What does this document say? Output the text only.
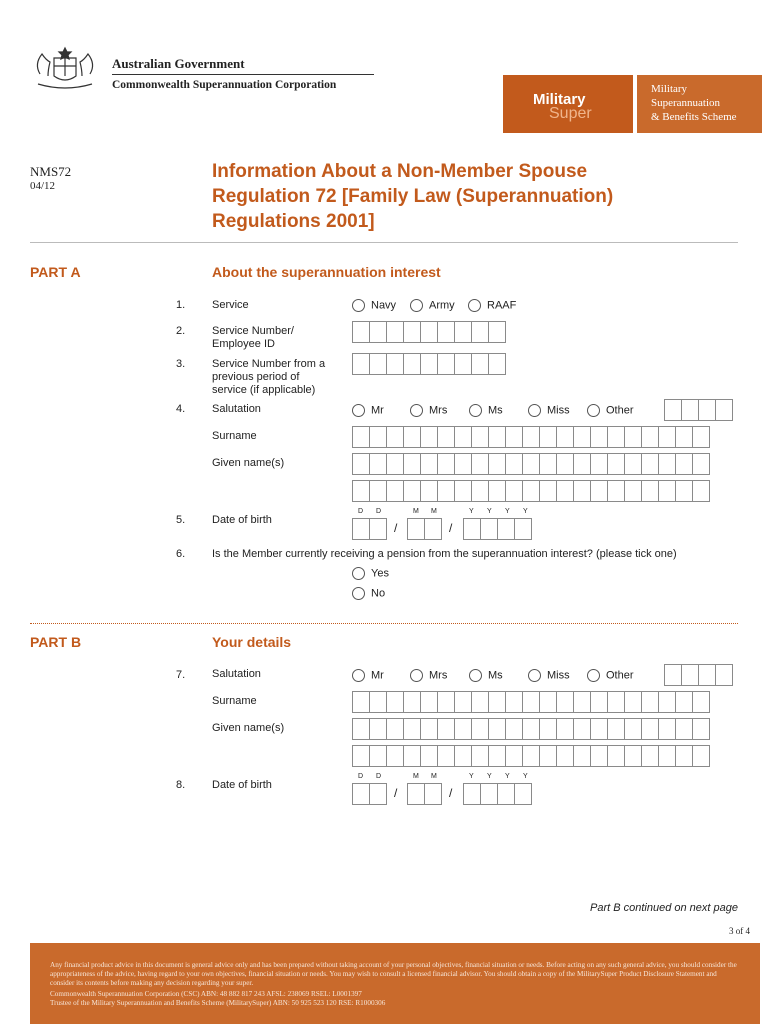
Australian Government
Commonwealth Superannuation Corporation
Military
Super
Military
Superannuation
& Benefits Scheme
NMS72
04/12
Information About a Non-Member Spouse
Regulation 72 [Family Law (Superannuation)
Regulations 2001]
PART A	About the superannuation interest
1. Service	Navy	Army	RAAF
2. Service Number/ Employee ID
3. Service Number from a previous period of service (if applicable)
4. Salutation	Mr	Mrs	Ms	Miss	Other
Surname
Given name(s)
5. Date of birth
D D	M M	Y Y Y Y
/	/
6. Is the Member currently receiving a pension from the superannuation interest? (please tick one)
Yes
No
PART B	Your details
7. Salutation	Mr	Mrs	Ms	Miss	Other
Surname
Given name(s)
8. Date of birth
D D	M M	Y Y Y Y
/	/
Part B continued on next page
3 of 4
Any financial product advice in this document is general advice only and has been prepared without taking account of your personal objectives, financial situation or needs. Before acting on any such general advice, you should consider the appropriateness of the advice, having regard to your own objectives, financial situation or needs. You may wish to consult a licensed financial advisor. You should obtain a copy of the MilitarySuper Product Disclosure Statement and consider its contents before making any decision regarding your super.
Commonwealth Superannuation Corporation (CSC) ABN: 48 882 817 243 AFSL: 238069 RSEL: L0001397
Trustee of the Military Superannuation and Benefits Scheme (MilitarySuper) ABN: 50 925 523 120 RSE: R1000306
